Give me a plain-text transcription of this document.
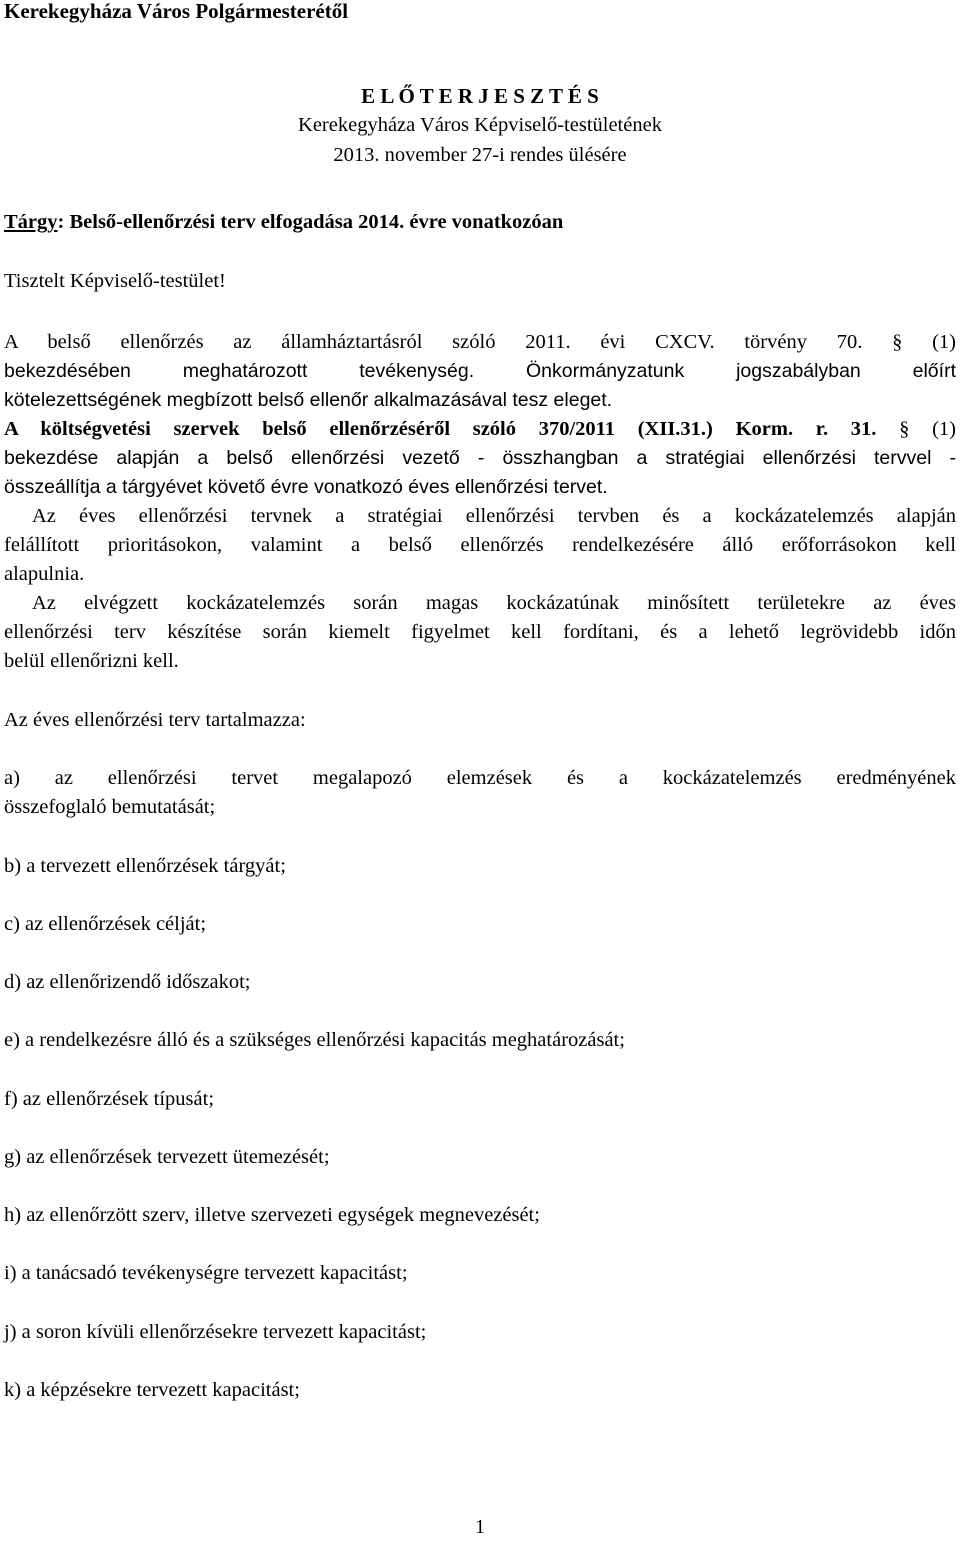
Kerekegyháza Város Polgármesterétől
E L Ő T E R J E S Z T É S
Kerekegyháza Város Képviselő-testületének
2013. november 27-i rendes ülésére
Tárgy: Belső-ellenőrzési terv elfogadása 2014. évre vonatkozóan
Tisztelt Képviselő-testület!
A belső ellenőrzés az államháztartásról szóló 2011. évi CXCV. törvény 70. § (1)
bekezdésében meghatározott tevékenység. Önkormányzatunk jogszabályban előírt
kötelezettségének megbízott belső ellenőr alkalmazásával tesz eleget.
A költségvetési szervek belső ellenőrzéséről szóló 370/2011 (XII.31.) Korm. r. 31. § (1)
bekezdése alapján a belső ellenőrzési vezető - összhangban a stratégiai ellenőrzési tervvel -
összeállítja a tárgyévet követő évre vonatkozó éves ellenőrzési tervet.
Az éves ellenőrzési tervnek a stratégiai ellenőrzési tervben és a kockázatelemzés alapján
felállított prioritásokon, valamint a belső ellenőrzés rendelkezésére álló erőforrásokon kell
alapulnia.
Az elvégzett kockázatelemzés során magas kockázatúnak minősített területekre az éves
ellenőrzési terv készítése során kiemelt figyelmet kell fordítani, és a lehető legrövidebb időn
belül ellenőrizni kell.
Az éves ellenőrzési terv tartalmazza:
a) az ellenőrzési tervet megalapozó elemzések és a kockázatelemzés eredményének
összefoglaló bemutatását;
b) a tervezett ellenőrzések tárgyát;
c) az ellenőrzések célját;
d) az ellenőrizendő időszakot;
e) a rendelkezésre álló és a szükséges ellenőrzési kapacitás meghatározását;
f) az ellenőrzések típusát;
g) az ellenőrzések tervezett ütemezését;
h) az ellenőrzött szerv, illetve szervezeti egységek megnevezését;
i) a tanácsadó tevékenységre tervezett kapacitást;
j) a soron kívüli ellenőrzésekre tervezett kapacitást;
k) a képzésekre tervezett kapacitást;
1
